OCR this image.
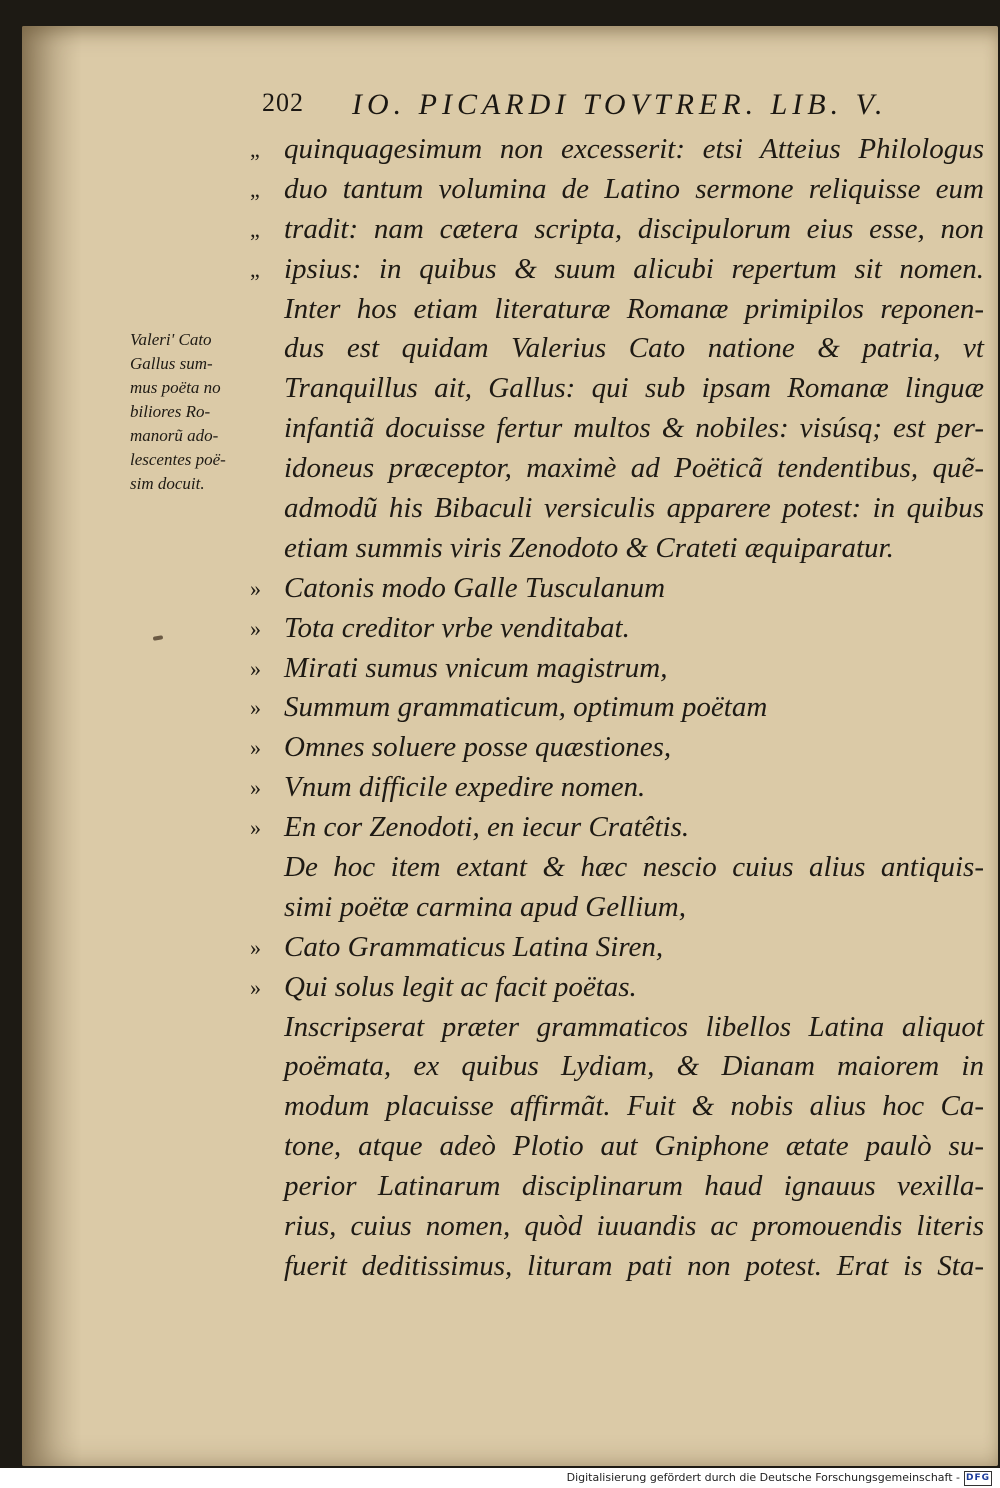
202 IO. PICARDI TOVTRER. LIB. V.
Valeri' Cato
Gallus sum-
mus poëta no
biliores Ro-
manorũ ado-
lescentes poë-
sim docuit.
„ quinquagesimum non excesserit: etsi Atteius Philologus
„ duo tantum volumina de Latino sermone reliquisse eum
„ tradit: nam cætera scripta, discipulorum eius esse, non
„ ipsius: in quibus & suum alicubi repertum sit nomen.
Inter hos etiam literaturæ Romanæ primipilos reponen-
dus est quidam Valerius Cato natione & patria, vt
Tranquillus ait, Gallus: qui sub ipsam Romanæ linguæ
infantiã docuisse fertur multos & nobiles: visúsq; est per-
idoneus præceptor, maximè ad Poëticã tendentibus, quẽ-
admodũ his Bibaculi versiculis apparere potest: in quibus
etiam summis viris Zenodoto & Crateti æquiparatur.
» Catonis modo Galle Tusculanum
» Tota creditor vrbe venditabat.
» Mirati sumus vnicum magistrum,
» Summum grammaticum, optimum poëtam
» Omnes soluere posse quæstiones,
» Vnum difficile expedire nomen.
» En cor Zenodoti, en iecur Cratêtis.
De hoc item extant & hæc nescio cuius alius antiquis-
simi poëtæ carmina apud Gellium,
» Cato Grammaticus Latina Siren,
» Qui solus legit ac facit poëtas.
Inscripserat præter grammaticos libellos Latina aliquot
poëmata, ex quibus Lydiam, & Dianam maiorem in
modum placuisse affirmãt. Fuit & nobis alius hoc Ca-
tone, atque adeò Plotio aut Gniphone ætate paulò su-
perior Latinarum disciplinarum haud ignauus vexilla-
rius, cuius nomen, quòd iuuandis ac promouendis literis
fuerit deditissimus, lituram pati non potest. Erat is Sta-
Digitalisierung gefördert durch die Deutsche Forschungsgemeinschaft - DFG
